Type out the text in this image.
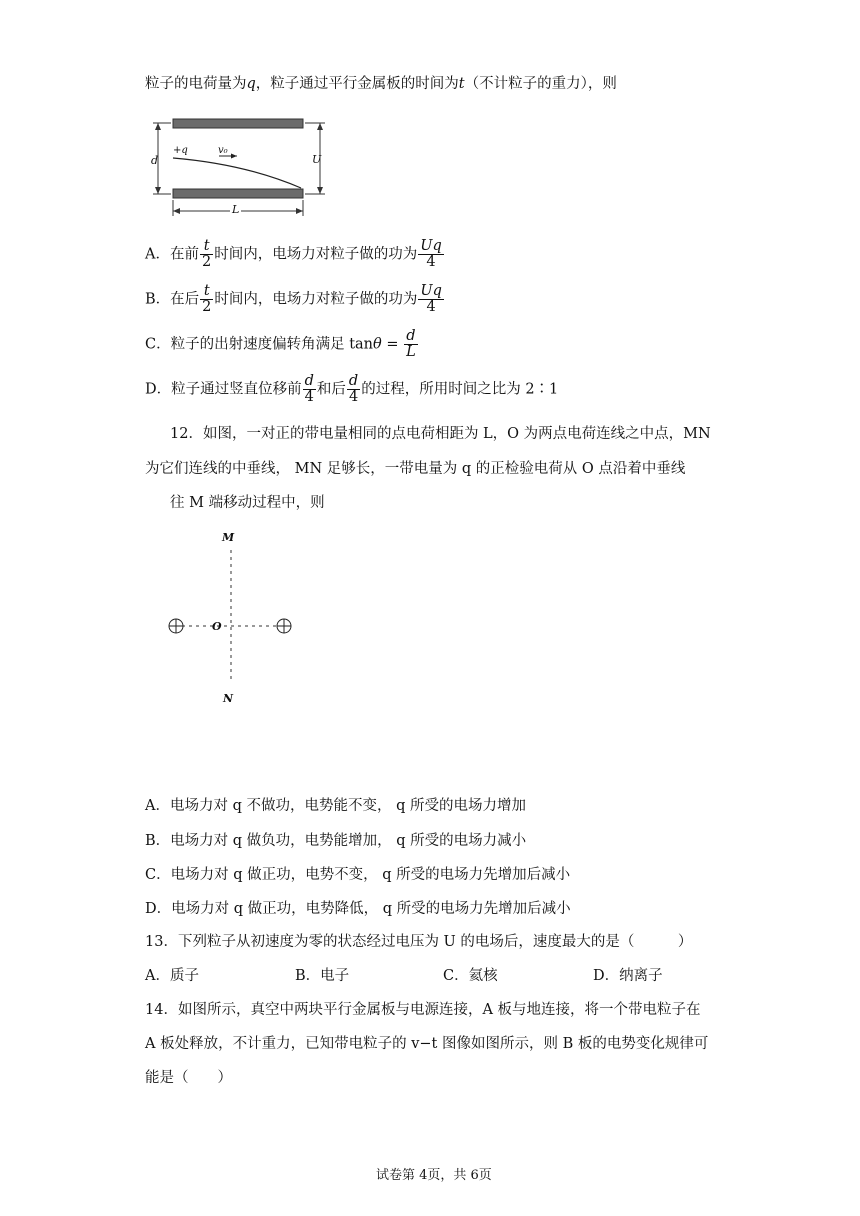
粒子的电荷量为q，粒子通过平行金属板的时间为t（不计粒子的重力），则
+q	v₀
d	U
L
A．在前 $\frac{t}{2}$ 时间内，电场力对粒子做的功为 $\frac{Uq}{4}$
B．在后 $\frac{t}{2}$ 时间内，电场力对粒子做的功为 $\frac{Uq}{4}$
C．粒子的出射速度偏转角满足 $\tan\theta = \frac{d}{L}$
D．粒子通过竖直位移前 $\frac{d}{4}$ 和后 $\frac{d}{4}$ 的过程，所用时间之比为 2∶1
12．如图，一对正的带电量相同的点电荷相距为 L，O 为两点电荷连线之中点，MN
为它们连线的中垂线， MN 足够长，一带电量为 q 的正检验电荷从 O 点沿着中垂线
往 M 端移动过程中，则
M
O
N
A．电场力对 q 不做功，电势能不变， q 所受的电场力增加
B．电场力对 q 做负功，电势能增加， q 所受的电场力减小
C．电场力对 q 做正功，电势不变， q 所受的电场力先增加后减小
D．电场力对 q 做正功，电势降低， q 所受的电场力先增加后减小
13．下列粒子从初速度为零的状态经过电压为 U 的电场后，速度最大的是（　　　）
A．质子	B．电子	C．氦核	D．纳离子
14．如图所示，真空中两块平行金属板与电源连接，A 板与地连接，将一个带电粒子在
A 板处释放，不计重力，已知带电粒子的 v−t 图像如图所示，则 B 板的电势变化规律可
能是（　　）
试卷第 4页，共 6页
